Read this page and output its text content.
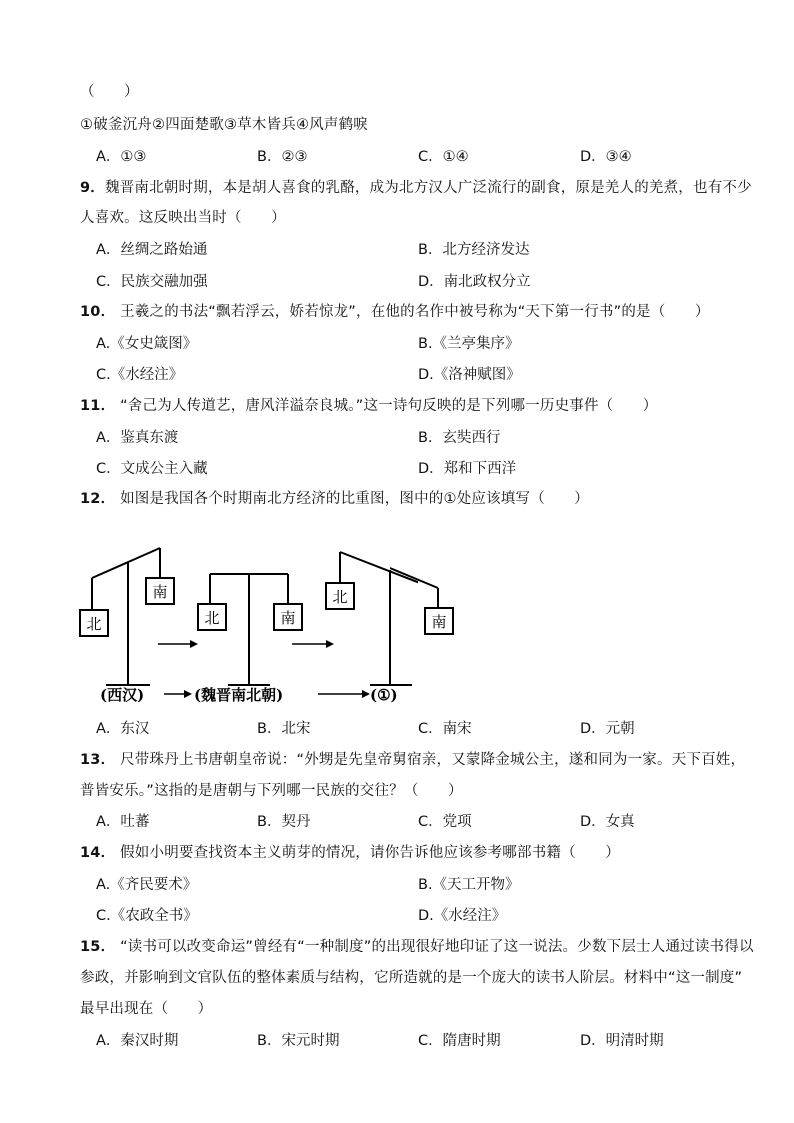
（　　）
①破釜沉舟②四面楚歌③草木皆兵④风声鹤唳
A．①③	B．②③	C．①④	D．③④
9．魏晋南北朝时期，本是胡人喜食的乳酪，成为北方汉人广泛流行的副食，原是羌人的羌煮，也有不少
人喜欢。这反映出当时（　　）
A．丝绸之路始通	B．北方经济发达
C．民族交融加强	D．南北政权分立
10． 王羲之的书法“飘若浮云，娇若惊龙”，在他的名作中被号称为“天下第一行书”的是（　　）
A.《女史箴图》	B.《兰亭集序》
C.《水经注》	D.《洛神赋图》
11． “舍己为人传道艺，唐风洋溢奈良城。”这一诗句反映的是下列哪一历史事件（　　）
A．鉴真东渡	B．玄奘西行
C．文成公主入藏	D．郑和下西洋
12． 如图是我国各个时期南北方经济的比重图，图中的①处应该填写（　　）
北
南
北	南
北
(西汉)	(魏晋南北朝)	(①)
南
A．东汉	B．北宋	C．南宋	D．元朝
13． 尺带珠丹上书唐朝皇帝说：“外甥是先皇帝舅宿亲，又蒙降金城公主，遂和同为一家。天下百姓，
普皆安乐。”这指的是唐朝与下列哪一民族的交往？（　　）
A．吐蕃	B．契丹	C．党项	D．女真
14． 假如小明要查找资本主义萌芽的情况，请你告诉他应该参考哪部书籍（　　）
A.《齐民要术》	B.《天工开物》
C.《农政全书》	D.《水经注》
15． “读书可以改变命运”曾经有“一种制度”的出现很好地印证了这一说法。少数下层士人通过读书得以
参政，并影响到文官队伍的整体素质与结构，它所造就的是一个庞大的读书人阶层。材料中“这一制度”
最早出现在（　　）
A．秦汉时期	B．宋元时期	C．隋唐时期	D．明清时期
